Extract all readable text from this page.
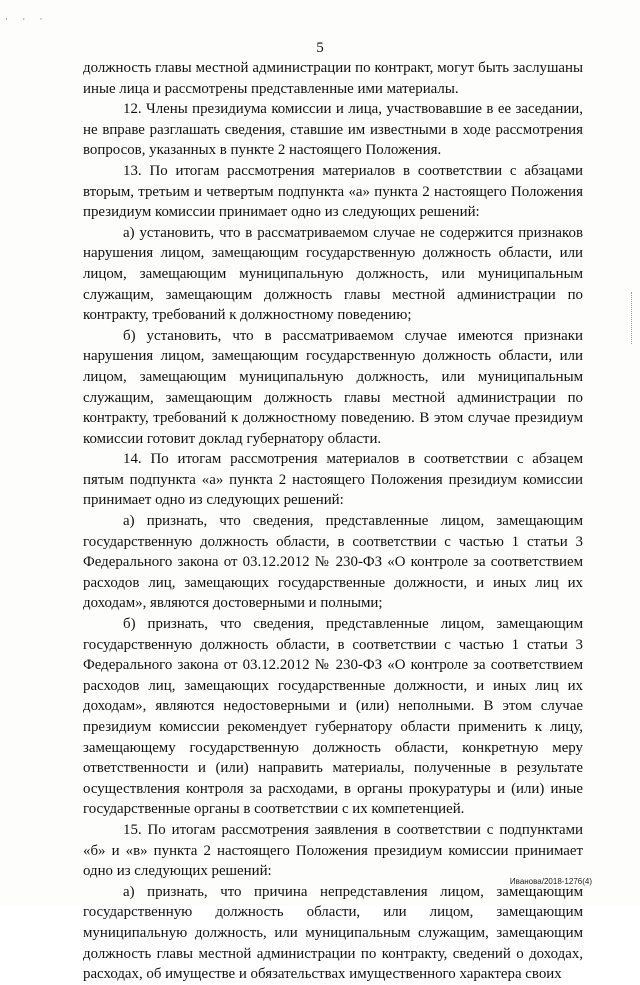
· · ·
5

должность главы местной администрации по контракт, могут быть заслушаны иные лица и рассмотрены представленные ими материалы.

12. Члены президиума комиссии и лица, участвовавшие в ее заседании, не вправе разглашать сведения, ставшие им известными в ходе рассмотрения вопросов, указанных в пункте 2 настоящего Положения.

13. По итогам рассмотрения материалов в соответствии с абзацами вторым, третьим и четвертым подпункта «а» пункта 2 настоящего Положения президиум комиссии принимает одно из следующих решений:

а) установить, что в рассматриваемом случае не содержится признаков нарушения лицом, замещающим государственную должность области, или лицом, замещающим муниципальную должность, или муниципальным служащим, замещающим должность главы местной администрации по контракту, требований к должностному поведению;

б) установить, что в рассматриваемом случае имеются признаки нарушения лицом, замещающим государственную должность области, или лицом, замещающим муниципальную должность, или муниципальным служащим, замещающим должность главы местной администрации по контракту, требований к должностному поведению. В этом случае президиум комиссии готовит доклад губернатору области.

14. По итогам рассмотрения материалов в соответствии с абзацем пятым подпункта «а» пункта 2 настоящего Положения президиум комиссии принимает одно из следующих решений:

а) признать, что сведения, представленные лицом, замещающим государственную должность области, в соответствии с частью 1 статьи 3 Федерального закона от 03.12.2012 № 230-ФЗ «О контроле за соответствием расходов лиц, замещающих государственные должности, и иных лиц их доходам», являются достоверными и полными;

б) признать, что сведения, представленные лицом, замещающим государственную должность области, в соответствии с частью 1 статьи 3 Федерального закона от 03.12.2012 № 230-ФЗ «О контроле за соответствием расходов лиц, замещающих государственные должности, и иных лиц их доходам», являются недостоверными и (или) неполными. В этом случае президиум комиссии рекомендует губернатору области применить к лицу, замещающему государственную должность области, конкретную меру ответственности и (или) направить материалы, полученные в результате осуществления контроля за расходами, в органы прокуратуры и (или) иные государственные органы в соответствии с их компетенцией.

15. По итогам рассмотрения заявления в соответствии с подпунктами «б» и «в» пункта 2 настоящего Положения президиум комиссии принимает одно из следующих решений:

а) признать, что причина непредставления лицом, замещающим государственную должность области, или лицом, замещающим муниципальную должность, или муниципальным служащим, замещающим должность главы местной администрации по контракту, сведений о доходах, расходах, об имуществе и обязательствах имущественного характера своих

Иванова/2018-1276(4)
